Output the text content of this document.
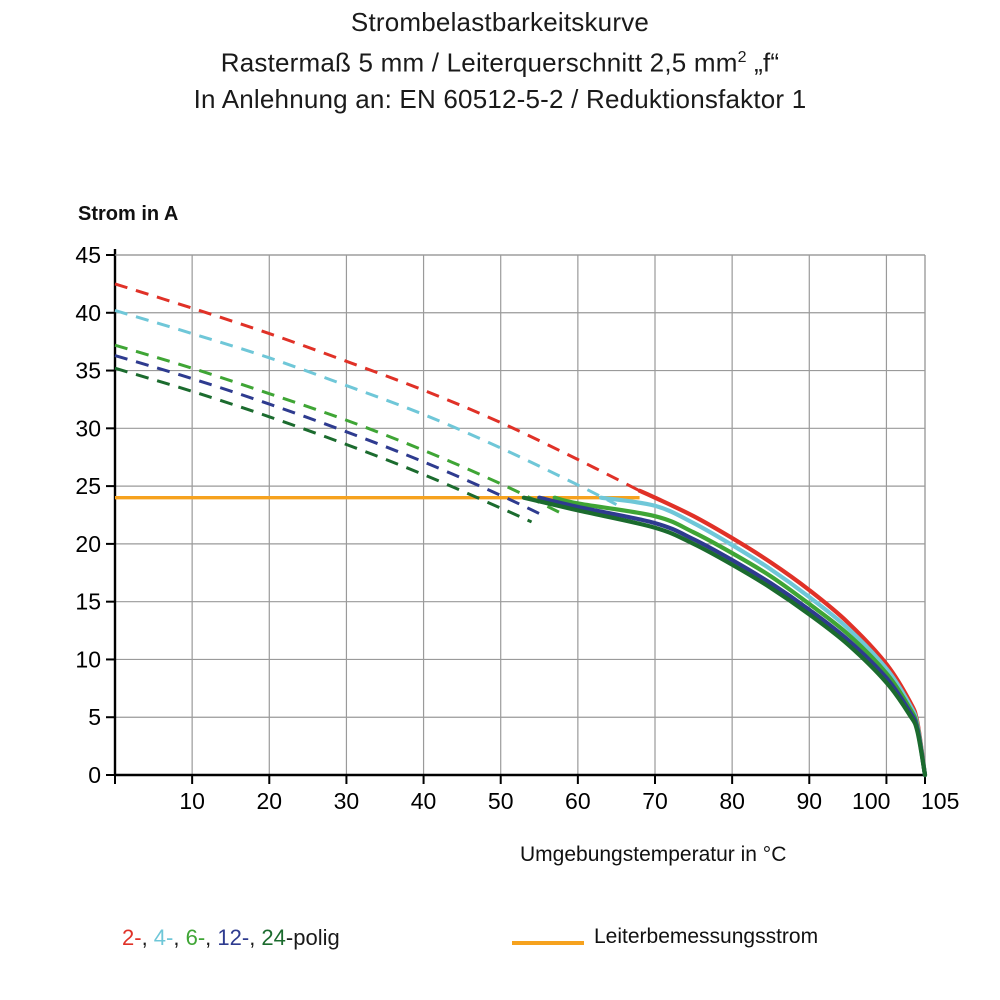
Strombelastbarkeitskurve
Rastermaß 5 mm / Leiterquerschnitt 2,5 $mm^2$ „f“
In Anlehnung an: EN 60512-5-2 / Reduktionsfaktor 1
Strom in A
Umgebungstemperatur in °C
0
5
10
15
20
25
30
35
40
45
10 20 30 40 50 60 70 80 90 100 105
2-, 4-, 6-, 12-, 24-polig	Leiterbemessungsstrom
